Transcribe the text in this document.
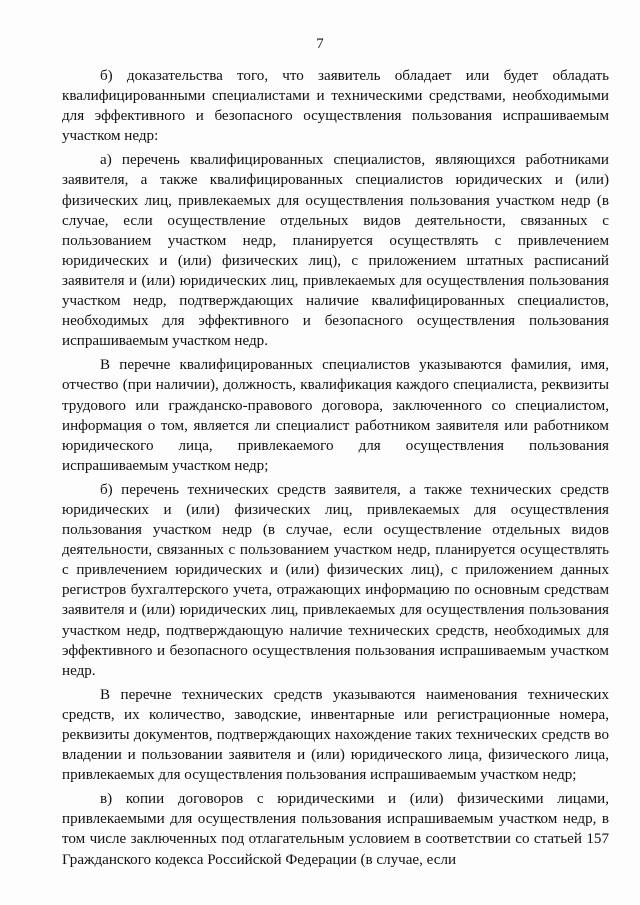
7

б) доказательства того, что заявитель обладает или будет обладать квалифицированными специалистами и техническими средствами, необходимыми для эффективного и безопасного осуществления пользования испрашиваемым участком недр:

а) перечень квалифицированных специалистов, являющихся работниками заявителя, а также квалифицированных специалистов юридических и (или) физических лиц, привлекаемых для осуществления пользования участком недр (в случае, если осуществление отдельных видов деятельности, связанных с пользованием участком недр, планируется осуществлять с привлечением юридических и (или) физических лиц), с приложением штатных расписаний заявителя и (или) юридических лиц, привлекаемых для осуществления пользования участком недр, подтверждающих наличие квалифицированных специалистов, необходимых для эффективного и безопасного осуществления пользования испрашиваемым участком недр.

В перечне квалифицированных специалистов указываются фамилия, имя, отчество (при наличии), должность, квалификация каждого специалиста, реквизиты трудового или гражданско-правового договора, заключенного со специалистом, информация о том, является ли специалист работником заявителя или работником юридического лица, привлекаемого для осуществления пользования испрашиваемым участком недр;

б) перечень технических средств заявителя, а также технических средств юридических и (или) физических лиц, привлекаемых для осуществления пользования участком недр (в случае, если осуществление отдельных видов деятельности, связанных с пользованием участком недр, планируется осуществлять с привлечением юридических и (или) физических лиц), с приложением данных регистров бухгалтерского учета, отражающих информацию по основным средствам заявителя и (или) юридических лиц, привлекаемых для осуществления пользования участком недр, подтверждающую наличие технических средств, необходимых для эффективного и безопасного осуществления пользования испрашиваемым участком недр.

В перечне технических средств указываются наименования технических средств, их количество, заводские, инвентарные или регистрационные номера, реквизиты документов, подтверждающих нахождение таких технических средств во владении и пользовании заявителя и (или) юридического лица, физического лица, привлекаемых для осуществления пользования испрашиваемым участком недр;

в) копии договоров с юридическими и (или) физическими лицами, привлекаемыми для осуществления пользования испрашиваемым участком недр, в том числе заключенных под отлагательным условием в соответствии со статьей 157 Гражданского кодекса Российской Федерации (в случае, если
